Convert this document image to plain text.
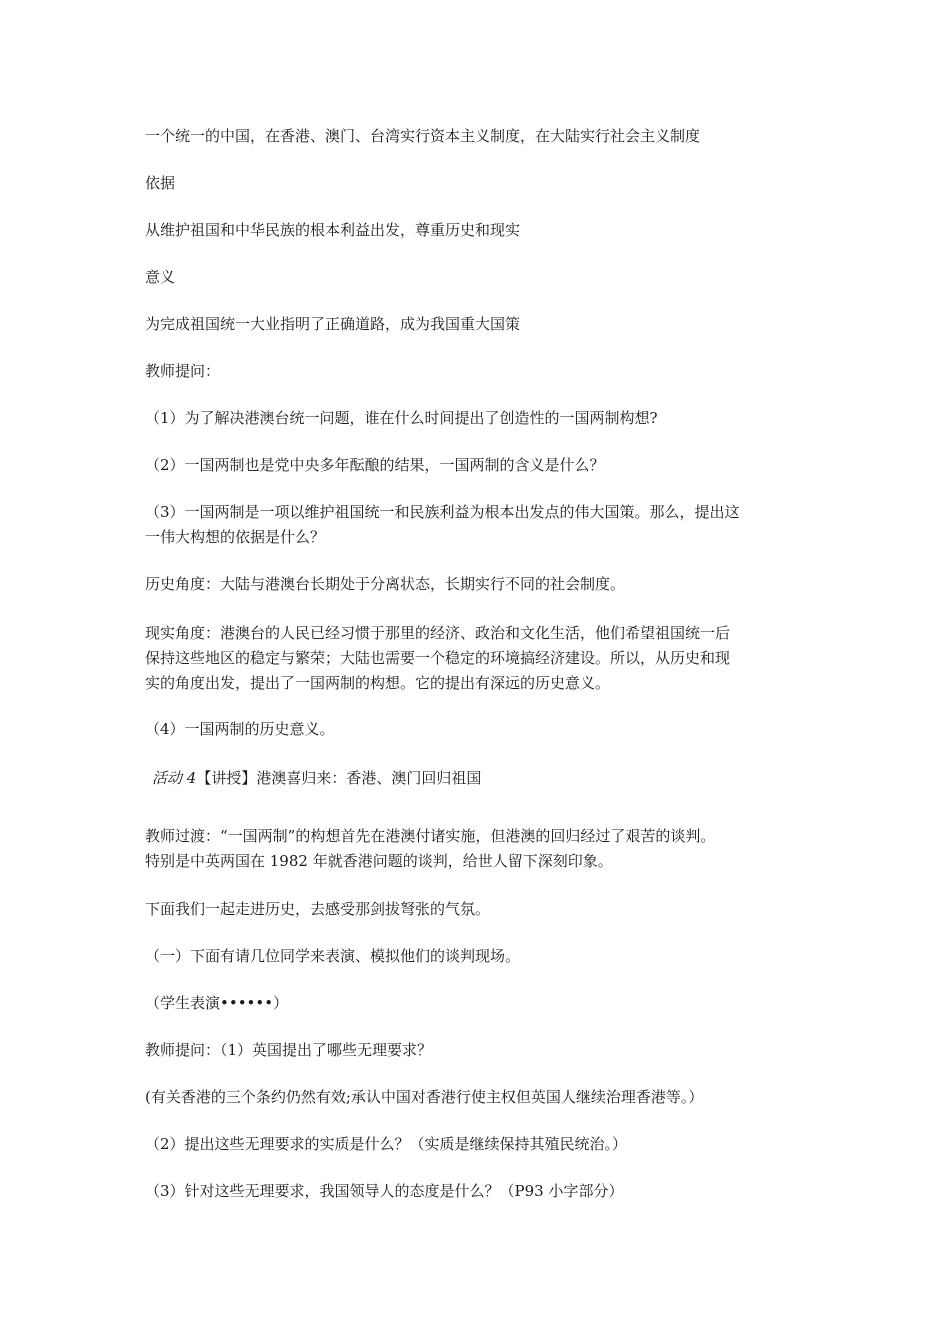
一个统一的中国，在香港、澳门、台湾实行资本主义制度，在大陆实行社会主义制度

依据

从维护祖国和中华民族的根本利益出发，尊重历史和现实

意义

为完成祖国统一大业指明了正确道路，成为我国重大国策

教师提问：

（1）为了解决港澳台统一问题，谁在什么时间提出了创造性的一国两制构想?

（2）一国两制也是党中央多年酝酿的结果，一国两制的含义是什么？

（3）一国两制是一项以维护祖国统一和民族利益为根本出发点的伟大国策。那么，提出这
一伟大构想的依据是什么？

历史角度：大陆与港澳台长期处于分离状态，长期实行不同的社会制度。

现实角度：港澳台的人民已经习惯于那里的经济、政治和文化生活，他们希望祖国统一后
保持这些地区的稳定与繁荣；大陆也需要一个稳定的环境搞经济建设。所以，从历史和现
实的角度出发，提出了一国两制的构想。它的提出有深远的历史意义。

（4）一国两制的历史意义。

活动 4【讲授】港澳喜归来：香港、澳门回归祖国

教师过渡：“一国两制”的构想首先在港澳付诸实施，但港澳的回归经过了艰苦的谈判。
特别是中英两国在 1982 年就香港问题的谈判，给世人留下深刻印象。

下面我们一起走进历史，去感受那剑拔弩张的气氛。

（一）下面有请几位同学来表演、模拟他们的谈判现场。

（学生表演••••••）

教师提问：（1）英国提出了哪些无理要求？

(有关香港的三个条约仍然有效;承认中国对香港行使主权但英国人继续治理香港等。）

（2）提出这些无理要求的实质是什么？（实质是继续保持其殖民统治。）

（3）针对这些无理要求，我国领导人的态度是什么？（P93 小字部分）
